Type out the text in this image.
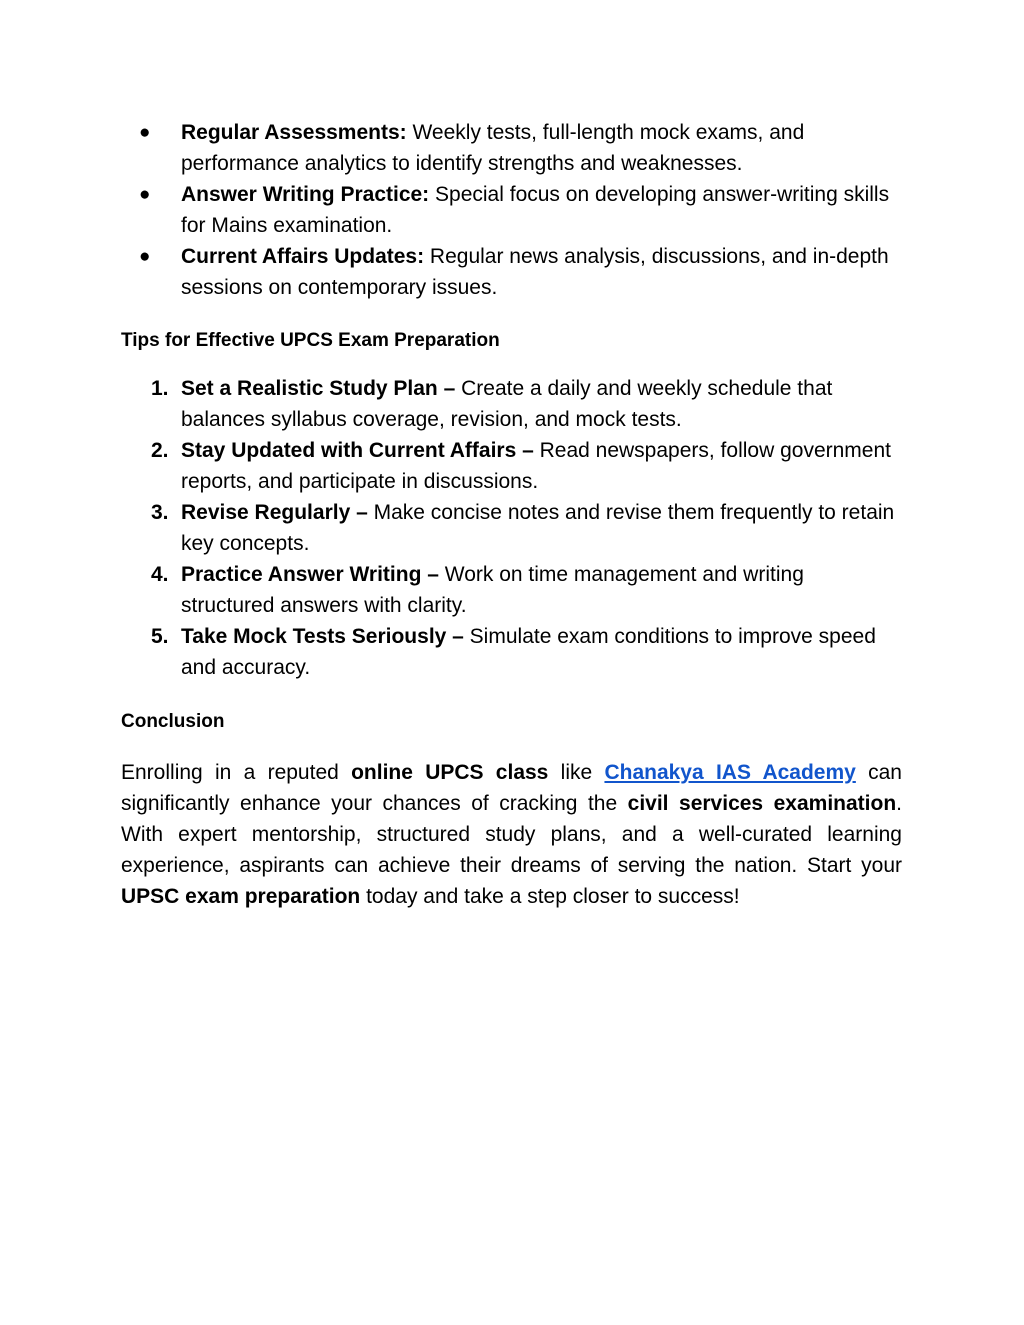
● Regular Assessments: Weekly tests, full-length mock exams, and performance analytics to identify strengths and weaknesses.
● Answer Writing Practice: Special focus on developing answer-writing skills for Mains examination.
● Current Affairs Updates: Regular news analysis, discussions, and in-depth sessions on contemporary issues.
Tips for Effective UPCS Exam Preparation
1. Set a Realistic Study Plan – Create a daily and weekly schedule that balances syllabus coverage, revision, and mock tests.
2. Stay Updated with Current Affairs – Read newspapers, follow government reports, and participate in discussions.
3. Revise Regularly – Make concise notes and revise them frequently to retain key concepts.
4. Practice Answer Writing – Work on time management and writing structured answers with clarity.
5. Take Mock Tests Seriously – Simulate exam conditions to improve speed and accuracy.
Conclusion

Enrolling in a reputed online UPCS class like Chanakya IAS Academy can significantly enhance your chances of cracking the civil services examination. With expert mentorship, structured study plans, and a well-curated learning experience, aspirants can achieve their dreams of serving the nation. Start your UPSC exam preparation today and take a step closer to success!
